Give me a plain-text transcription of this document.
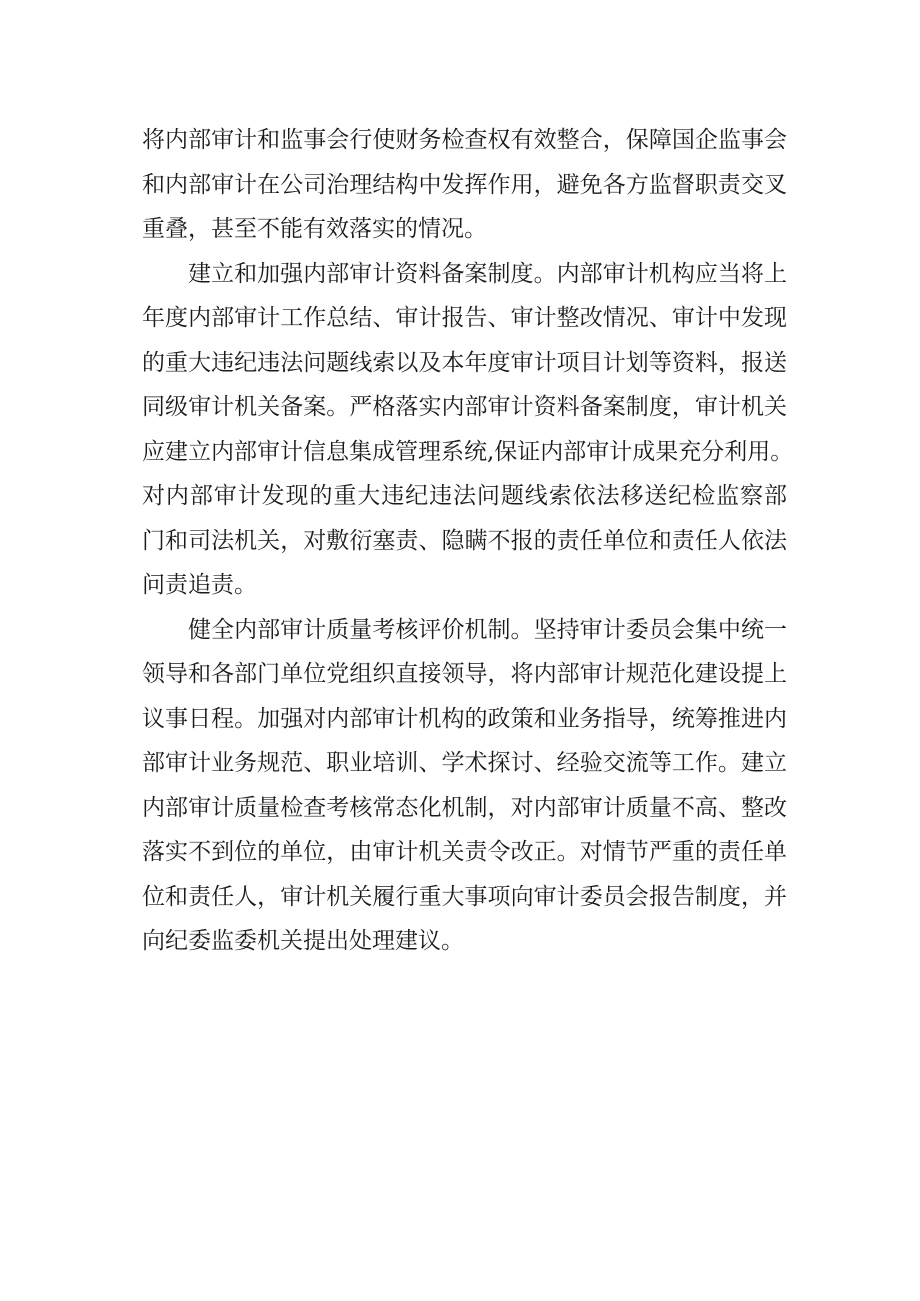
将内部审计和监事会行使财务检查权有效整合，保障国企监事会
和内部审计在公司治理结构中发挥作用，避免各方监督职责交叉
重叠，甚至不能有效落实的情况。
建立和加强内部审计资料备案制度。内部审计机构应当将上
年度内部审计工作总结、审计报告、审计整改情况、审计中发现
的重大违纪违法问题线索以及本年度审计项目计划等资料，报送
同级审计机关备案。严格落实内部审计资料备案制度，审计机关
应建立内部审计信息集成管理系统,保证内部审计成果充分利用。
对内部审计发现的重大违纪违法问题线索依法移送纪检监察部
门和司法机关，对敷衍塞责、隐瞒不报的责任单位和责任人依法
问责追责。
健全内部审计质量考核评价机制。坚持审计委员会集中统一
领导和各部门单位党组织直接领导，将内部审计规范化建设提上
议事日程。加强对内部审计机构的政策和业务指导，统筹推进内
部审计业务规范、职业培训、学术探讨、经验交流等工作。建立
内部审计质量检查考核常态化机制，对内部审计质量不高、整改
落实不到位的单位，由审计机关责令改正。对情节严重的责任单
位和责任人，审计机关履行重大事项向审计委员会报告制度，并
向纪委监委机关提出处理建议。
